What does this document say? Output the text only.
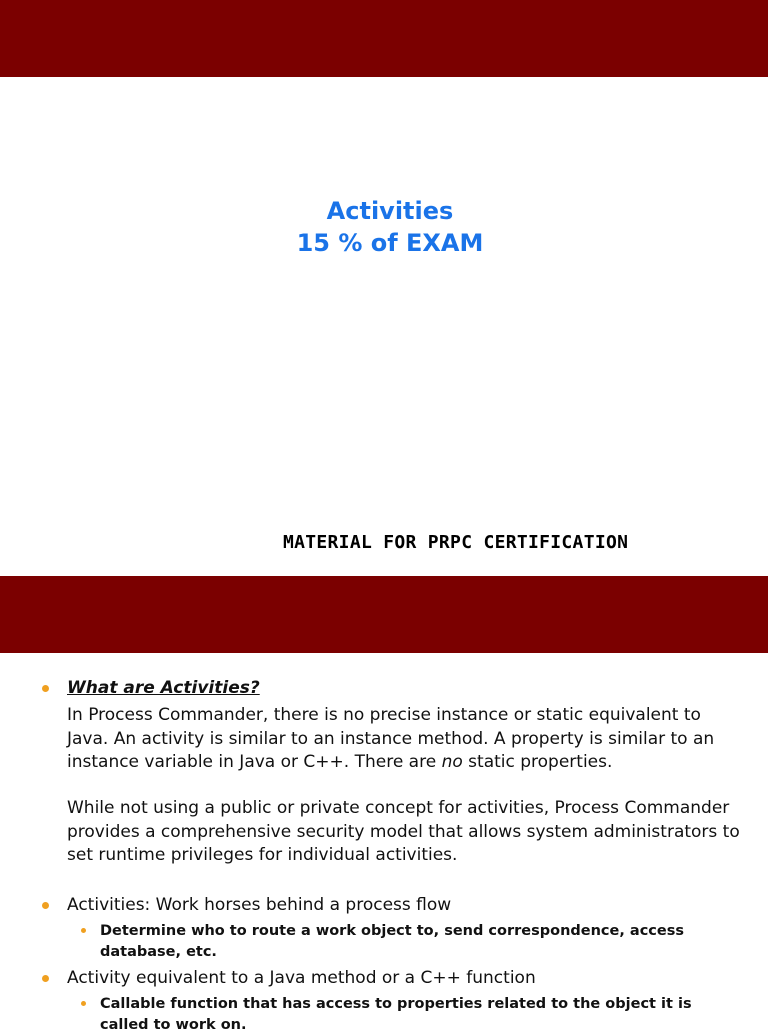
Activities
15 % of EXAM
MATERIAL FOR PRPC CERTIFICATION
What are Activities?
In Process Commander, there is no precise instance or static equivalent to Java. An activity is similar to an instance method. A property is similar to an instance variable in Java or C++. There are no static properties.
While not using a public or private concept for activities, Process Commander provides a comprehensive security model that allows system administrators to set runtime privileges for individual activities.
Activities: Work horses behind a process flow
Determine who to route a work object to, send correspondence, access database, etc.
Activity equivalent to a Java method or a C++ function
Callable function that has access to properties related to the object it is called to work on.
